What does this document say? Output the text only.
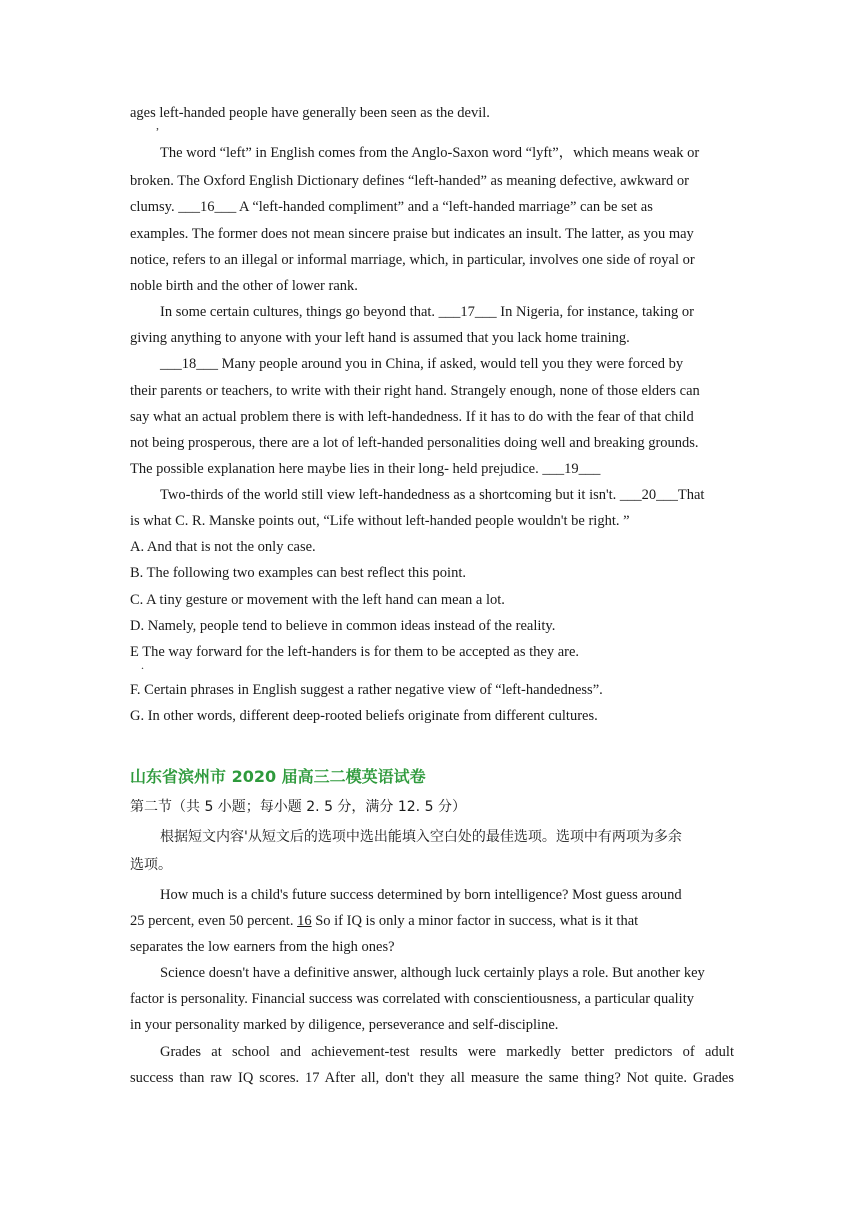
ages left-handed people have generally been seen as the devil.
,
The word “left” in English comes from the Anglo-Saxon word “lyft”，which means weak or
broken. The Oxford English Dictionary defines “left-handed” as meaning defective, awkward or
clumsy. ___16___ A “left-handed compliment” and a “left-handed marriage” can be set as
examples. The former does not mean sincere praise but indicates an insult. The latter, as you may
notice, refers to an illegal or informal marriage, which, in particular, involves one side of royal or
noble birth and the other of lower rank.
In some certain cultures, things go beyond that. ___17___ In Nigeria, for instance, taking or
giving anything to anyone with your left hand is assumed that you lack home training.
___18___ Many people around you in China, if asked, would tell you they were forced by
their parents or teachers, to write with their right hand. Strangely enough, none of those elders can
say what an actual problem there is with left-handedness. If it has to do with the fear of that child
not being prosperous, there are a lot of left-handed personalities doing well and breaking grounds.
The possible explanation here maybe lies in their long- held prejudice. ___19___
Two-thirds of the world still view left-handedness as a shortcoming but it isn't. ___20___That
is what C. R. Manske points out, “Life without left-handed people wouldn't be right. ”
A. And that is not the only case.
B. The following two examples can best reflect this point.
C. A tiny gesture or movement with the left hand can mean a lot.
D. Namely, people tend to believe in common ideas instead of the reality.
E The way forward for the left-handers is for them to be accepted as they are.
.
F. Certain phrases in English suggest a rather negative view of “left-handedness”.
G. In other words, different deep-rooted beliefs originate from different cultures.
山东省滨州市 2020 届高三二模英语试卷
第二节（共 5 小题；每小题 2. 5 分，满分 12. 5 分）
根据短文内容'从短文后的选项中选出能填入空白处的最佳选项。选项中有两项为多余
选项。
How much is a child's future success determined by born intelligence? Most guess around
25 percent, even 50 percent. 16 So if IQ is only a minor factor in success, what is it that
separates the low earners from the high ones?
Science doesn't have a definitive answer, although luck certainly plays a role. But another key
factor is personality. Financial success was correlated with conscientiousness, a particular quality
in your personality marked by diligence, perseverance and self-discipline.
Grades at school and achievement-test results were markedly better predictors of adult
success than raw IQ scores. 17 After all, don't they all measure the same thing? Not quite. Grades
